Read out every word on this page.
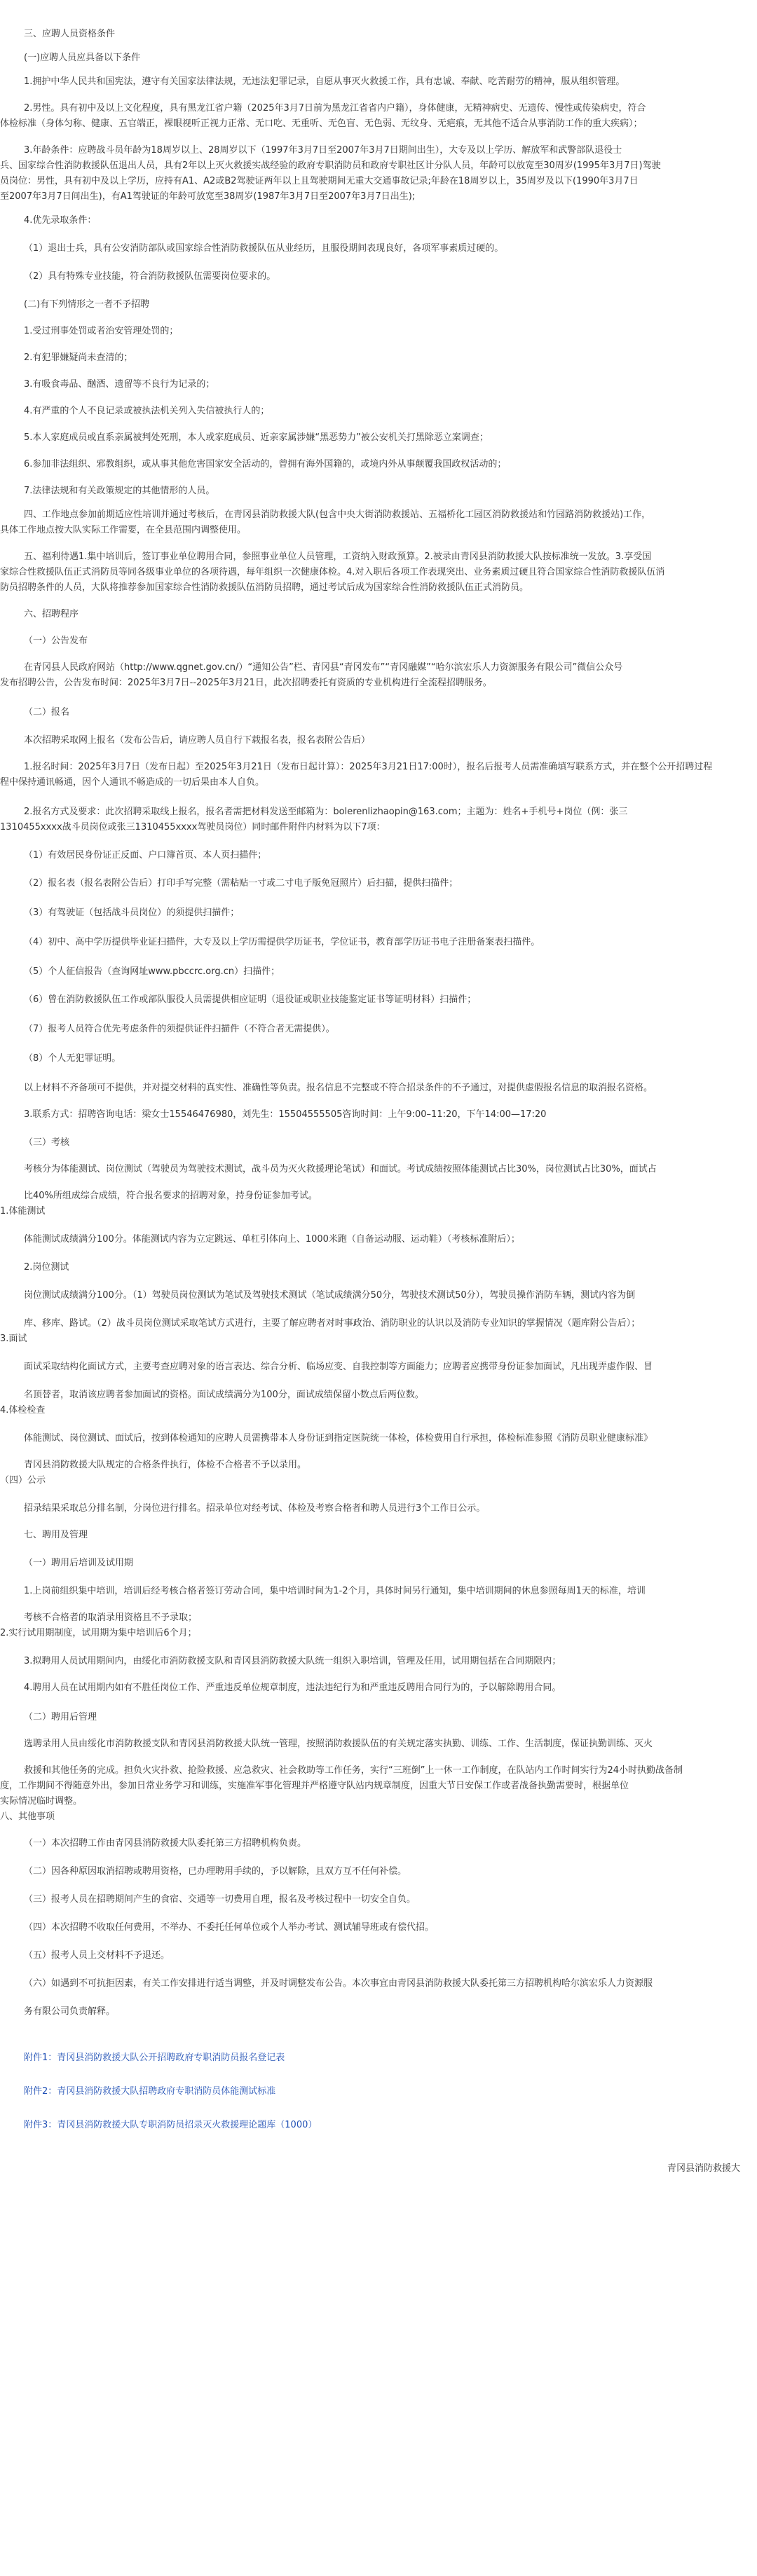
三、应聘人员资格条件

(一)应聘人员应具备以下条件

1.拥护中华人民共和国宪法，遵守有关国家法律法规，无违法犯罪记录，自愿从事灭火救援工作，具有忠诚、奉献、吃苦耐劳的精神，服从组织管理。

2.男性。具有初中及以上文化程度，具有黑龙江省户籍（2025年3月7日前为黑龙江省省内户籍），身体健康，无精神病史、无遗传、慢性或传染病史，符合

体检标准（身体匀称、健康、五官端正，裸眼视听正视力正常、无口吃、无重听、无色盲、无色弱、无纹身、无疤痕，无其他不适合从事消防工作的重大疾病）；

3.年龄条件：应聘战斗员年龄为18周岁以上、28周岁以下（1997年3月7日至2007年3月7日期间出生），大专及以上学历、解放军和武警部队退役士

兵、国家综合性消防救援队伍退出人员，具有2年以上灭火救援实战经验的政府专职消防员和政府专职社区计分队人员，年龄可以放宽至30周岁(1995年3月7日)驾驶

员岗位：男性，具有初中及以上学历，应持有A1、A2或B2驾驶证两年以上且驾驶期间无重大交通事故记录;年龄在18周岁以上，35周岁及以下(1990年3月7日

至2007年3月7日间出生)，有A1驾驶证的年龄可放宽至38周岁(1987年3月7日至2007年3月7日出生);

4.优先录取条件：

（1）退出士兵，具有公安消防部队或国家综合性消防救援队伍从业经历，且服役期间表现良好，各项军事素质过硬的。

（2）具有特殊专业技能，符合消防救援队伍需要岗位要求的。

(二)有下列情形之一者不予招聘

1.受过刑事处罚或者治安管理处罚的；

2.有犯罪嫌疑尚未查清的；

3.有吸食毒品、酗酒、遗留等不良行为记录的；

4.有严重的个人不良记录或被执法机关列入失信被执行人的；

5.本人家庭成员或直系亲属被判处死刑，本人或家庭成员、近亲家属涉嫌“黑恶势力”被公安机关打黑除恶立案调查；

6.参加非法组织、邪教组织，或从事其他危害国家安全活动的，曾拥有海外国籍的，或境内外从事颠覆我国政权活动的；

7.法律法规和有关政策规定的其他情形的人员。

四、工作地点参加前期适应性培训并通过考核后，在青冈县消防救援大队(包含中央大街消防救援站、五福桥化工园区消防救援站和竹园路消防救援站)工作，

具体工作地点按大队实际工作需要，在全县范围内调整使用。

五、福利待遇1.集中培训后，签订事业单位聘用合同，参照事业单位人员管理，工资纳入财政预算。2.被录由青冈县消防救援大队按标准统一发放。3.享受国

家综合性救援队伍正式消防员等同各级事业单位的各项待遇，每年组织一次健康体检。4.对入职后各项工作表现突出、业务素质过硬且符合国家综合性消防救援队伍消

防员招聘条件的人员，大队将推荐参加国家综合性消防救援队伍消防员招聘，通过考试后成为国家综合性消防救援队伍正式消防员。

六、招聘程序

（一）公告发布

在青冈县人民政府网站（http://www.qgnet.gov.cn/）“通知公告”栏、青冈县“青冈发布”“青冈融媒”“哈尔滨宏乐人力资源服务有限公司”微信公众号

发布招聘公告，公告发布时间：2025年3月7日--2025年3月21日，此次招聘委托有资质的专业机构进行全流程招聘服务。

（二）报名

本次招聘采取网上报名（发布公告后，请应聘人员自行下载报名表，报名表附公告后）

1.报名时间：2025年3月7日（发布日起）至2025年3月21日（发布日起计算）：2025年3月21日17:00时），报名后报考人员需准确填写联系方式，并在整个公开招聘过程

程中保持通讯畅通，因个人通讯不畅造成的一切后果由本人自负。

2.报名方式及要求：此次招聘采取线上报名，报名者需把材料发送至邮箱为：bolerenlizhaopin@163.com；主题为：姓名+手机号+岗位（例：张三

1310455xxxx战斗员岗位或张三1310455xxxx驾驶员岗位）同时邮件附件内材料为以下7项：

（1）有效居民身份证正反面、户口簿首页、本人页扫描件；

（2）报名表（报名表附公告后）打印手写完整（需粘贴一寸或二寸电子版免冠照片）后扫描，提供扫描件；

（3）有驾驶证（包括战斗员岗位）的须提供扫描件；

（4）初中、高中学历提供毕业证扫描件，大专及以上学历需提供学历证书，学位证书，教育部学历证书电子注册备案表扫描件。

（5）个人征信报告（查询网址www.pbccrc.org.cn）扫描件；

（6）曾在消防救援队伍工作或部队服役人员需提供相应证明（退役证或职业技能鉴定证书等证明材料）扫描件；

（7）报考人员符合优先考虑条件的须提供证件扫描件（不符合者无需提供）。

（8）个人无犯罪证明。

以上材料不齐备项可不提供，并对提交材料的真实性、准确性等负责。报名信息不完整或不符合招录条件的不予通过，对提供虚假报名信息的取消报名资格。

3.联系方式：招聘咨询电话：梁女士15546476980，刘先生：15504555505咨询时间：上午9:00–11:20，下午14:00—17:20

（三）考核

考核分为体能测试、岗位测试（驾驶员为驾驶技术测试，战斗员为灭火救援理论笔试）和面试。考试成绩按照体能测试占比30%，岗位测试占比30%，面试占

比40%所组成综合成绩，符合报名要求的招聘对象，持身份证参加考试。

1.体能测试

体能测试成绩满分100分。体能测试内容为立定跳远、单杠引体向上、1000米跑（自备运动服、运动鞋）（考核标准附后）；

2.岗位测试

岗位测试成绩满分100分。（1）驾驶员岗位测试为笔试及驾驶技术测试（笔试成绩满分50分，驾驶技术测试50分），驾驶员操作消防车辆，测试内容为倒

库、移库、路试。（2）战斗员岗位测试采取笔试方式进行，主要了解应聘者对时事政治、消防职业的认识以及消防专业知识的掌握情况（题库附公告后）；

3.面试

面试采取结构化面试方式，主要考查应聘对象的语言表达、综合分析、临场应变、自我控制等方面能力；应聘者应携带身份证参加面试，凡出现弄虚作假、冒

名顶替者，取消该应聘者参加面试的资格。面试成绩满分为100分，面试成绩保留小数点后两位数。

4.体检检查

体能测试、岗位测试、面试后，按到体检通知的应聘人员需携带本人身份证到指定医院统一体检，体检费用自行承担，体检标准参照《消防员职业健康标准》

青冈县消防救援大队规定的合格条件执行，体检不合格者不予以录用。

（四）公示

招录结果采取总分排名制，分岗位进行排名。招录单位对经考试、体检及考察合格者和聘人员进行3个工作日公示。

七、聘用及管理

（一）聘用后培训及试用期

1.上岗前组织集中培训，培训后经考核合格者签订劳动合同，集中培训时间为1-2个月，具体时间另行通知，集中培训期间的休息参照每周1天的标准，培训

考核不合格者的取消录用资格且不予录取；

2.实行试用期制度，试用期为集中培训后6个月；

3.拟聘用人员试用期间内，由绥化市消防救援支队和青冈县消防救援大队统一组织入职培训，管理及任用，试用期包括在合同期限内；

4.聘用人员在试用期内如有不胜任岗位工作、严重违反单位规章制度，违法违纪行为和严重违反聘用合同行为的，予以解除聘用合同。

（二）聘用后管理

选聘录用人员由绥化市消防救援支队和青冈县消防救援大队统一管理，按照消防救援队伍的有关规定落实执勤、训练、工作、生活制度，保证执勤训练、灭火

救援和其他任务的完成。担负火灾扑救、抢险救援、应急救灾、社会救助等工作任务，实行“三班倒”上一休一工作制度，在队站内工作时间实行为24小时执勤战备制

度，工作期间不得随意外出，参加日常业务学习和训练，实施准军事化管理并严格遵守队站内规章制度，因重大节日安保工作或者战备执勤需要时，根据单位

实际情况临时调整。

八、其他事项

（一）本次招聘工作由青冈县消防救援大队委托第三方招聘机构负责。

（二）因各种原因取消招聘或聘用资格，已办理聘用手续的，予以解除，且双方互不任何补偿。

（三）报考人员在招聘期间产生的食宿、交通等一切费用自理，报名及考核过程中一切安全自负。

（四）本次招聘不收取任何费用，不举办、不委托任何单位或个人举办考试、测试辅导班或有偿代招。

（五）报考人员上交材料不予退还。

（六）如遇到不可抗拒因素，有关工作安排进行适当调整，并及时调整发布公告。本次事宜由青冈县消防救援大队委托第三方招聘机构哈尔滨宏乐人力资源服

务有限公司负责解释。

附件1：青冈县消防救援大队公开招聘政府专职消防员报名登记表

附件2：青冈县消防救援大队招聘政府专职消防员体能测试标准

附件3：青冈县消防救援大队专职消防员招录灭火救援理论题库（1000）

青冈县消防救援大
